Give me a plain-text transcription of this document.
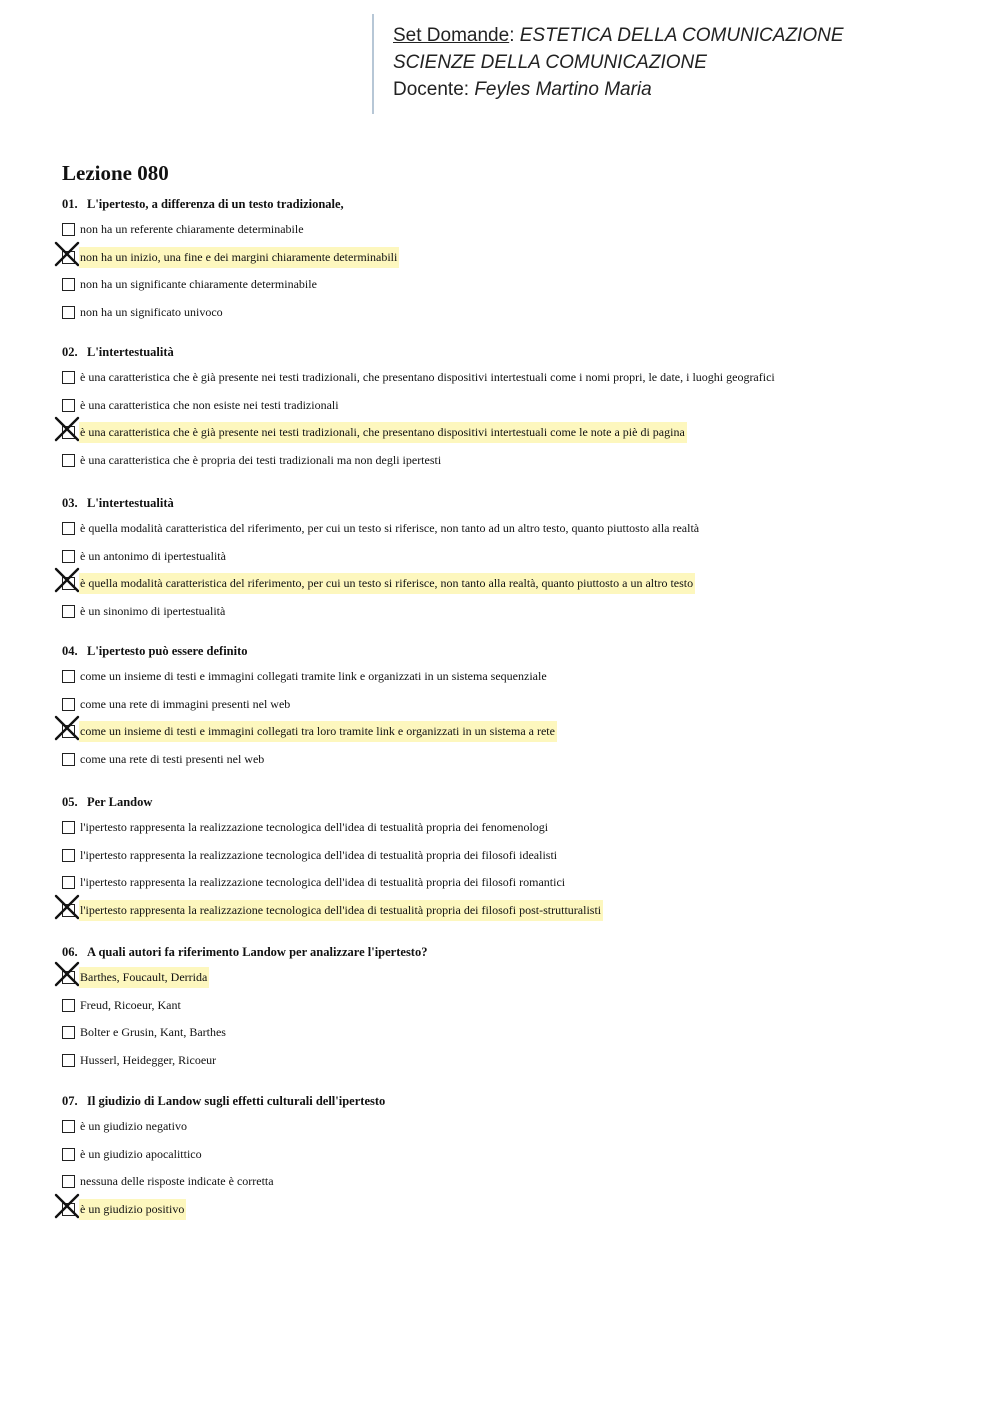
Set Domande: ESTETICA DELLA COMUNICAZIONE
SCIENZE DELLA COMUNICAZIONE
Docente: Feyles Martino Maria
Lezione 080
01. L'ipertesto, a differenza di un testo tradizionale,
non ha un referente chiaramente determinabile
non ha un inizio, una fine e dei margini chiaramente determinabili
non ha un significante chiaramente determinabile
non ha un significato univoco
02. L'intertestualità
è una caratteristica che è già presente nei testi tradizionali, che presentano dispositivi intertestuali come i nomi propri, le date, i luoghi geografici
è una caratteristica che non esiste nei testi tradizionali
è una caratteristica che è già presente nei testi tradizionali, che presentano dispositivi intertestuali come le note a piè di pagina
è una caratteristica che è propria dei testi tradizionali ma non degli ipertesti
03. L'intertestualità
è quella modalità caratteristica del riferimento, per cui un testo si riferisce, non tanto ad un altro testo, quanto piuttosto alla realtà
è un antonimo di ipertestualità
è quella modalità caratteristica del riferimento, per cui un testo si riferisce, non tanto alla realtà, quanto piuttosto a un altro testo
è un sinonimo di ipertestualità
04. L'ipertesto può essere definito
come un insieme di testi e immagini collegati tramite link e organizzati in un sistema sequenziale
come una rete di immagini presenti nel web
come un insieme di testi e immagini collegati tra loro tramite link e organizzati in un sistema a rete
come una rete di testi presenti nel web
05. Per Landow
l'ipertesto rappresenta la realizzazione tecnologica dell'idea di testualità propria dei fenomenologi
l'ipertesto rappresenta la realizzazione tecnologica dell'idea di testualità propria dei filosofi idealisti
l'ipertesto rappresenta la realizzazione tecnologica dell'idea di testualità propria dei filosofi romantici
l'ipertesto rappresenta la realizzazione tecnologica dell'idea di testualità propria dei filosofi post-strutturalisti
06. A quali autori fa riferimento Landow per analizzare l'ipertesto?
Barthes, Foucault, Derrida
Freud, Ricoeur, Kant
Bolter e Grusin, Kant, Barthes
Husserl, Heidegger, Ricoeur
07. Il giudizio di Landow sugli effetti culturali dell'ipertesto
è un giudizio negativo
è un giudizio apocalittico
nessuna delle risposte indicate è corretta
è un giudizio positivo
